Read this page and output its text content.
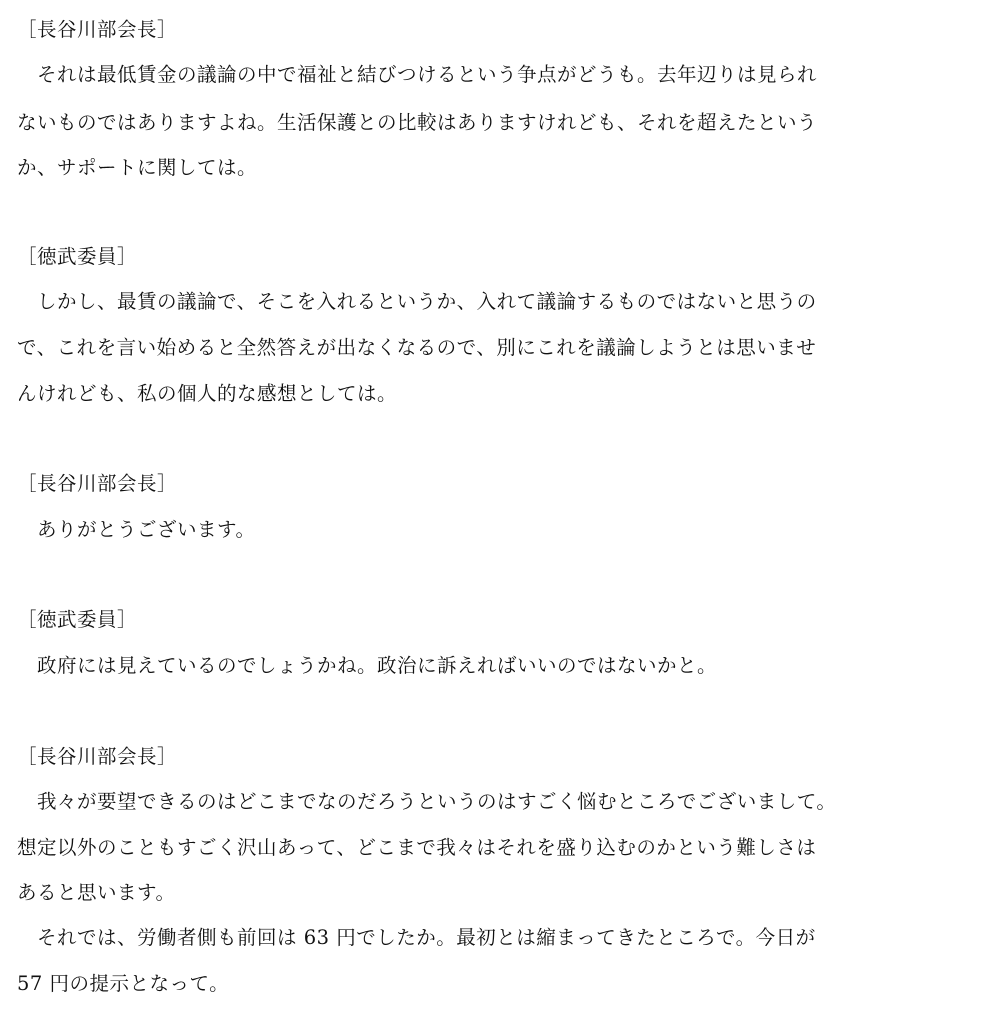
［長谷川部会長］
　それは最低賃金の議論の中で福祉と結びつけるという争点がどうも。去年辺りは見られ
ないものではありますよね。生活保護との比較はありますけれども、それを超えたという
か、サポートに関しては。
［徳武委員］
　しかし、最賃の議論で、そこを入れるというか、入れて議論するものではないと思うの
で、これを言い始めると全然答えが出なくなるので、別にこれを議論しようとは思いませ
んけれども、私の個人的な感想としては。
［長谷川部会長］
　ありがとうございます。
［徳武委員］
　政府には見えているのでしょうかね。政治に訴えればいいのではないかと。
［長谷川部会長］
　我々が要望できるのはどこまでなのだろうというのはすごく悩むところでございまして。
想定以外のこともすごく沢山あって、どこまで我々はそれを盛り込むのかという難しさは
あると思います。
　それでは、労働者側も前回は 63 円でしたか。最初とは縮まってきたところで。今日が
57 円の提示となって。
